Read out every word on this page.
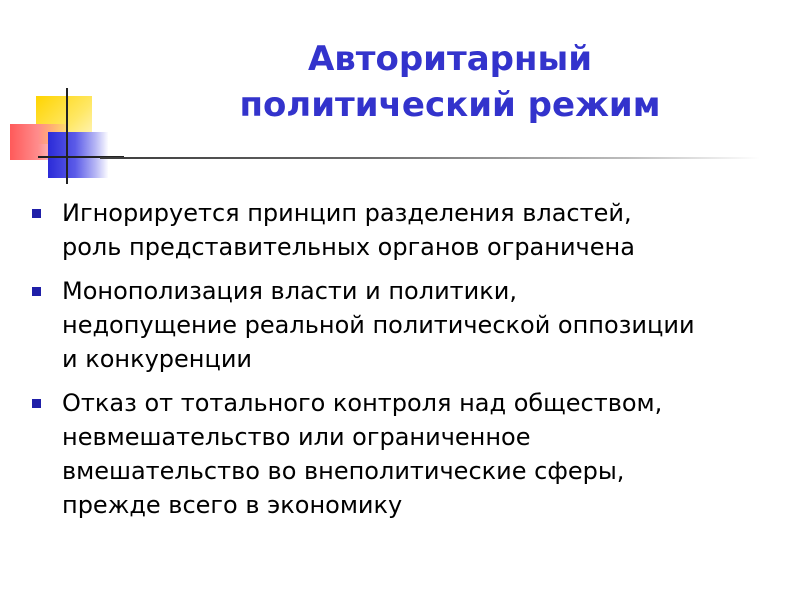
Авторитарный
политический режим
Игнорируется принцип разделения властей,
роль представительных органов ограничена
Монополизация власти и политики,
недопущение реальной политической оппозиции
и конкуренции
Отказ от тотального контроля над обществом,
невмешательство или ограниченное
вмешательство во внеполитические сферы,
прежде всего в экономику
